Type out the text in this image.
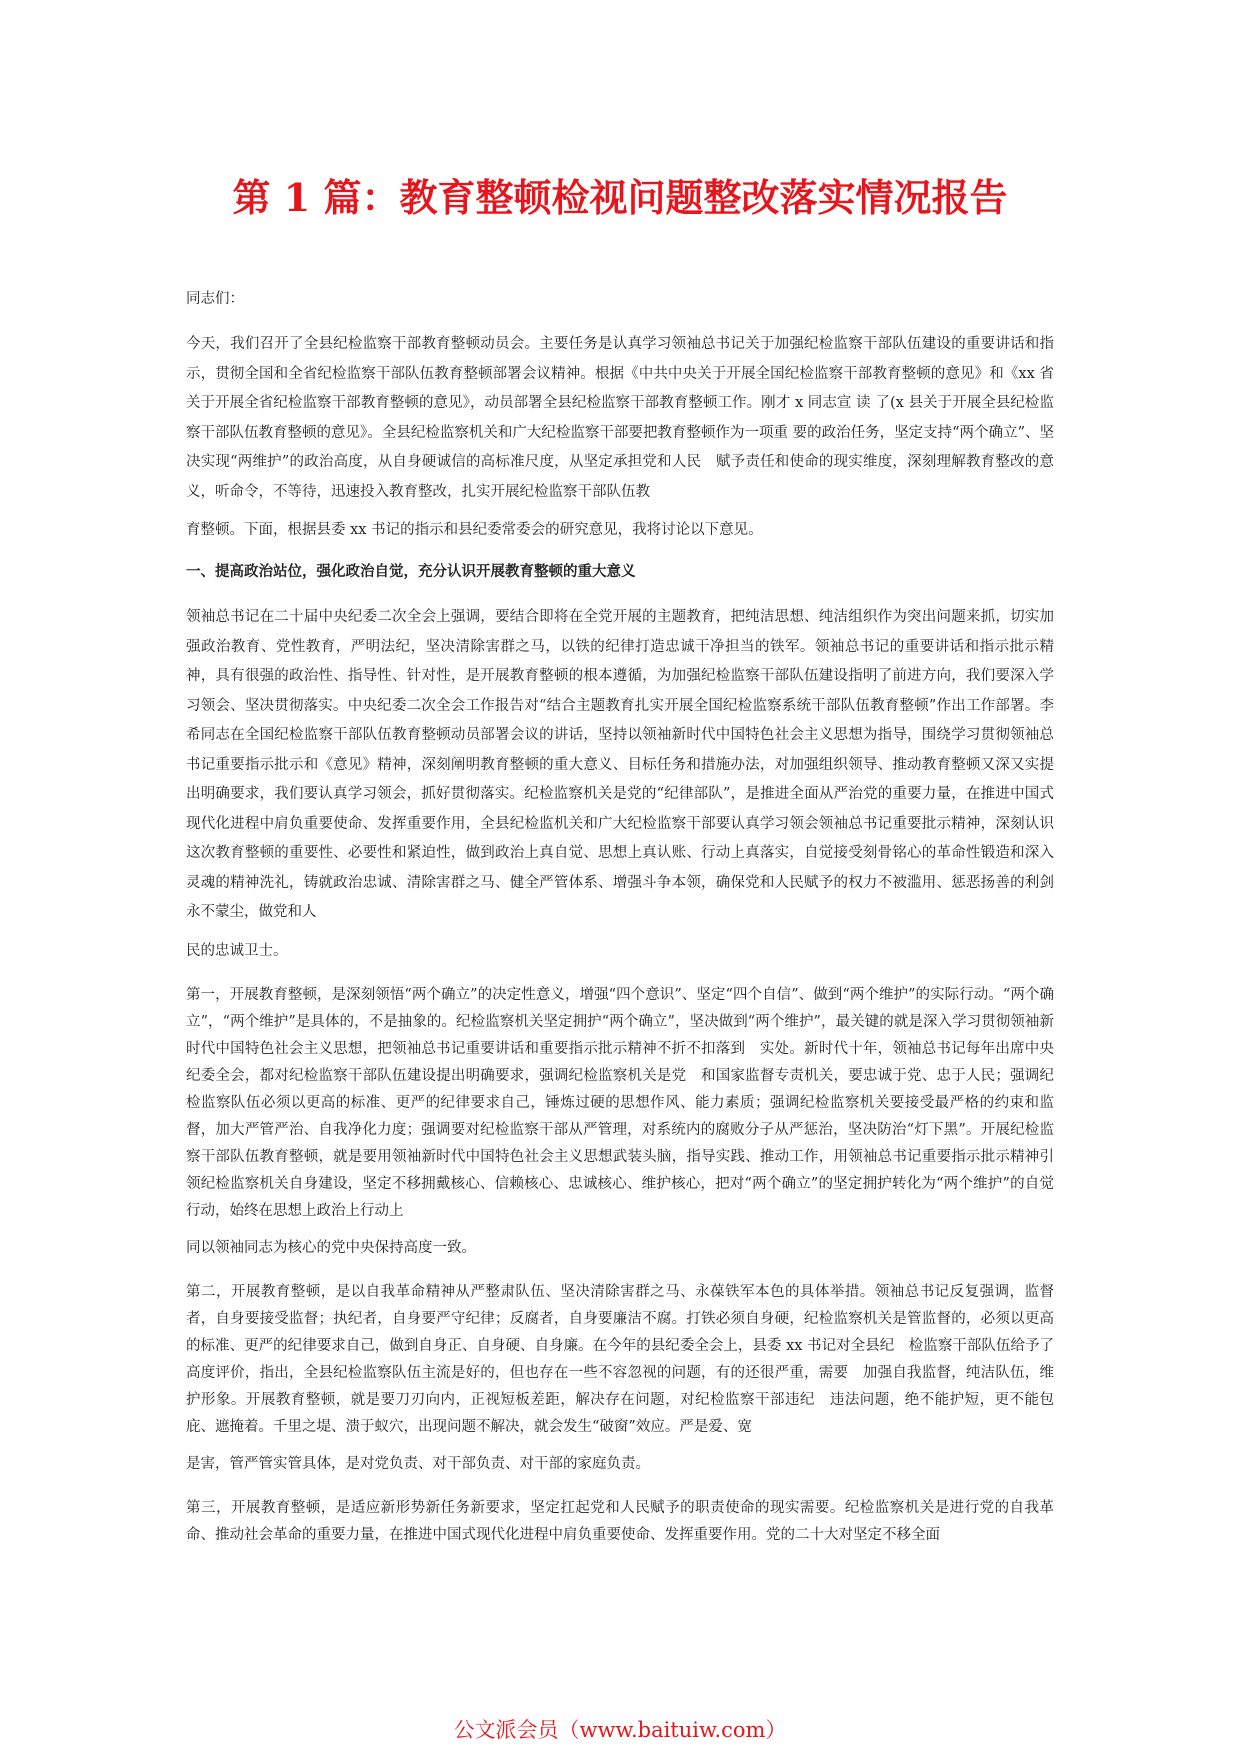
第 1 篇：教育整顿检视问题整改落实情况报告

同志们：

今天，我们召开了全县纪检监察干部教育整顿动员会。主要任务是认真学习领袖总书记关于加强纪检监察干部队伍建设的重要讲话和指示，贯彻全国和全省纪检监察干部队伍教育整顿部署会议精神。根据《中共中央关于开展全国纪检监察干部教育整顿的意见》和《xx 省关于开展全省纪检监察干部教育整顿的意见》，动员部署全县纪检监察干部教育整顿工作。刚才 x 同志宣 读 了(x 县关于开展全县纪检监察干部队伍教育整顿的意见》。全县纪检监察机关和广大纪检监察干部要把教育整顿作为一项重 要的政治任务，坚定支持“两个确立”、坚决实现“两维护”的政治高度，从自身硬诚信的高标准尺度，从坚定承担党和人民　赋予责任和使命的现实维度，深刻理解教育整改的意义，听命令，不等待，迅速投入教育整改，扎实开展纪检监察干部队伍教

育整顿。下面，根据县委 xx 书记的指示和县纪委常委会的研究意见，我将讨论以下意见。

一、提高政治站位，强化政治自觉，充分认识开展教育整顿的重大意义

领袖总书记在二十届中央纪委二次全会上强调，要结合即将在全党开展的主题教育，把纯洁思想、纯洁组织作为突出问题来抓，切实加强政治教育、党性教育，严明法纪，坚决清除害群之马，以铁的纪律打造忠诚干净担当的铁军。领袖总书记的重要讲话和指示批示精神，具有很强的政治性、指导性、针对性，是开展教育整顿的根本遵循，为加强纪检监察干部队伍建设指明了前进方向，我们要深入学习领会、坚决贯彻落实。中央纪委二次全会工作报告对“结合主题教育扎实开展全国纪检监察系统干部队伍教育整顿”作出工作部署。李希同志在全国纪检监察干部队伍教育整顿动员部署会议的讲话，坚持以领袖新时代中国特色社会主义思想为指导，围绕学习贯彻领袖总书记重要指示批示和《意见》精神，深刻阐明教育整顿的重大意义、目标任务和措施办法，对加强组织领导、推动教育整顿又深又实提出明确要求，我们要认真学习领会，抓好贯彻落实。纪检监察机关是党的“纪律部队”，是推进全面从严治党的重要力量，在推进中国式现代化进程中肩负重要使命、发挥重要作用，全县纪检监机关和广大纪检监察干部要认真学习领会领袖总书记重要批示精神，深刻认识这次教育整顿的重要性、必要性和紧迫性，做到政治上真自觉、思想上真认账、行动上真落实，自觉接受刻骨铭心的革命性锻造和深入灵魂的精神洗礼，铸就政治忠诚、清除害群之马、健全严管体系、增强斗争本领，确保党和人民赋予的权力不被滥用、惩恶扬善的利剑永不蒙尘，做党和人

民的忠诚卫士。

第一，开展教育整顿，是深刻领悟“两个确立”的决定性意义，增强“四个意识”、坚定“四个自信”、做到“两个维护”的实际行动。“两个确立”，“两个维护”是具体的，不是抽象的。纪检监察机关坚定拥护“两个确立”，坚决做到“两个维护”，最关键的就是深入学习贯彻领袖新时代中国特色社会主义思想，把领袖总书记重要讲话和重要指示批示精神不折不扣落到　实处。新时代十年，领袖总书记每年出席中央纪委全会，都对纪检监察干部队伍建设提出明确要求，强调纪检监察机关是党　和国家监督专责机关，要忠诚于党、忠于人民；强调纪检监察队伍必须以更高的标准、更严的纪律要求自己，锤炼过硬的思想作风、能力素质；强调纪检监察机关要接受最严格的约束和监督，加大严管严治、自我净化力度；强调要对纪检监察干部从严管理，对系统内的腐败分子从严惩治，坚决防治“灯下黑”。开展纪检监察干部队伍教育整顿，就是要用领袖新时代中国特色社会主义思想武装头脑，指导实践、推动工作，用领袖总书记重要指示批示精神引领纪检监察机关自身建设，坚定不移拥戴核心、信赖核心、忠诚核心、维护核心，把对“两个确立”的坚定拥护转化为“两个维护”的自觉行动，始终在思想上政治上行动上

同以领袖同志为核心的党中央保持高度一致。

第二，开展教育整顿，是以自我革命精神从严整肃队伍、坚决清除害群之马、永葆铁军本色的具体举措。领袖总书记反复强调，监督者，自身要接受监督；执纪者，自身要严守纪律；反腐者，自身要廉洁不腐。打铁必须自身硬，纪检监察机关是管监督的，必须以更高的标准、更严的纪律要求自己，做到自身正、自身硬、自身廉。在今年的县纪委全会上，县委 xx 书记对全县纪　检监察干部队伍给予了高度评价，指出，全县纪检监察队伍主流是好的，但也存在一些不容忽视的问题，有的还很严重，需要　加强自我监督，纯洁队伍，维护形象。开展教育整顿，就是要刀刃向内，正视短板差距，解决存在问题，对纪检监察干部违纪　违法问题，绝不能护短，更不能包庇、遮掩着。千里之堤、溃于蚁穴，出现问题不解决，就会发生“破窗”效应。严是爱、宽

是害，管严管实管具体，是对党负责、对干部负责、对干部的家庭负责。

第三，开展教育整顿，是适应新形势新任务新要求，坚定扛起党和人民赋予的职责使命的现实需要。纪检监察机关是进行党的自我革命、推动社会革命的重要力量，在推进中国式现代化进程中肩负重要使命、发挥重要作用。党的二十大对坚定不移全面

公文派会员（www.baituiw.com）
